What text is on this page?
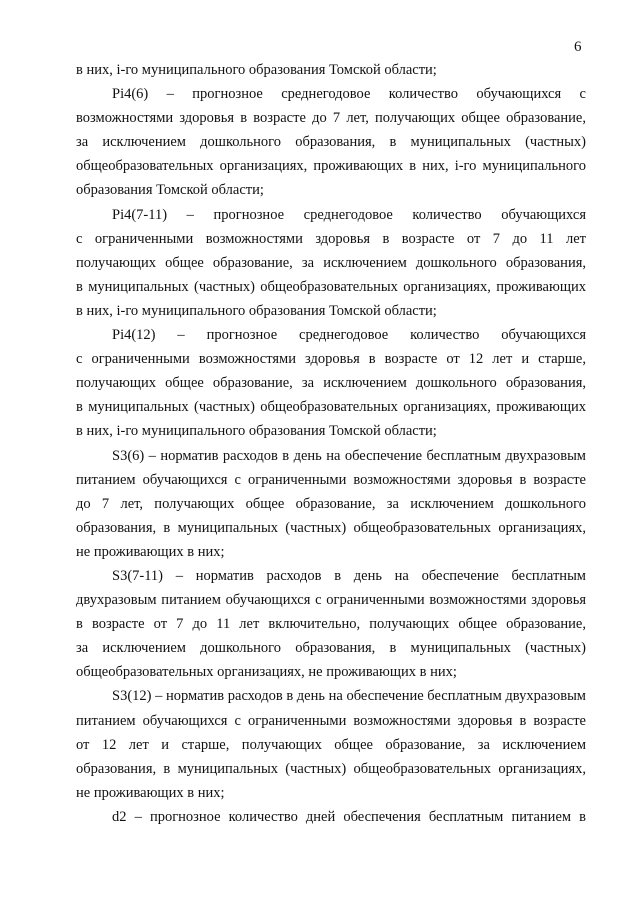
6
в них, i-го муниципального образования Томской области;
Pi4(6) – прогнозное среднегодовое количество обучающихся с
возможностями здоровья в возрасте до 7 лет, получающих общее образование,
за исключением дошкольного образования, в муниципальных (частных)
общеобразовательных организациях, проживающих в них, i-го муниципального
образования Томской области;
Pi4(7-11) – прогнозное среднегодовое количество обучающихся
с ограниченными возможностями здоровья в возрасте от 7 до 11 лет
получающих общее образование, за исключением дошкольного образования,
в муниципальных (частных) общеобразовательных организациях, проживающих
в них, i-го муниципального образования Томской области;
Pi4(12) – прогнозное среднегодовое количество обучающихся
с ограниченными возможностями здоровья в возрасте от 12 лет и старше,
получающих общее образование, за исключением дошкольного образования,
в муниципальных (частных) общеобразовательных организациях, проживающих
в них, i-го муниципального образования Томской области;
S3(6) – норматив расходов в день на обеспечение бесплатным двухразовым
питанием обучающихся с ограниченными возможностями здоровья в возрасте
до 7 лет, получающих общее образование, за исключением дошкольного
образования, в муниципальных (частных) общеобразовательных организациях,
не проживающих в них;
S3(7-11) – норматив расходов в день на обеспечение бесплатным
двухразовым питанием обучающихся с ограниченными возможностями здоровья
в возрасте от 7 до 11 лет включительно, получающих общее образование,
за исключением дошкольного образования, в муниципальных (частных)
общеобразовательных организациях, не проживающих в них;
S3(12) – норматив расходов в день на обеспечение бесплатным двухразовым
питанием обучающихся с ограниченными возможностями здоровья в возрасте
от 12 лет и старше, получающих общее образование, за исключением
образования, в муниципальных (частных) общеобразовательных организациях,
не проживающих в них;
d2 – прогнозное количество дней обеспечения бесплатным питанием в
